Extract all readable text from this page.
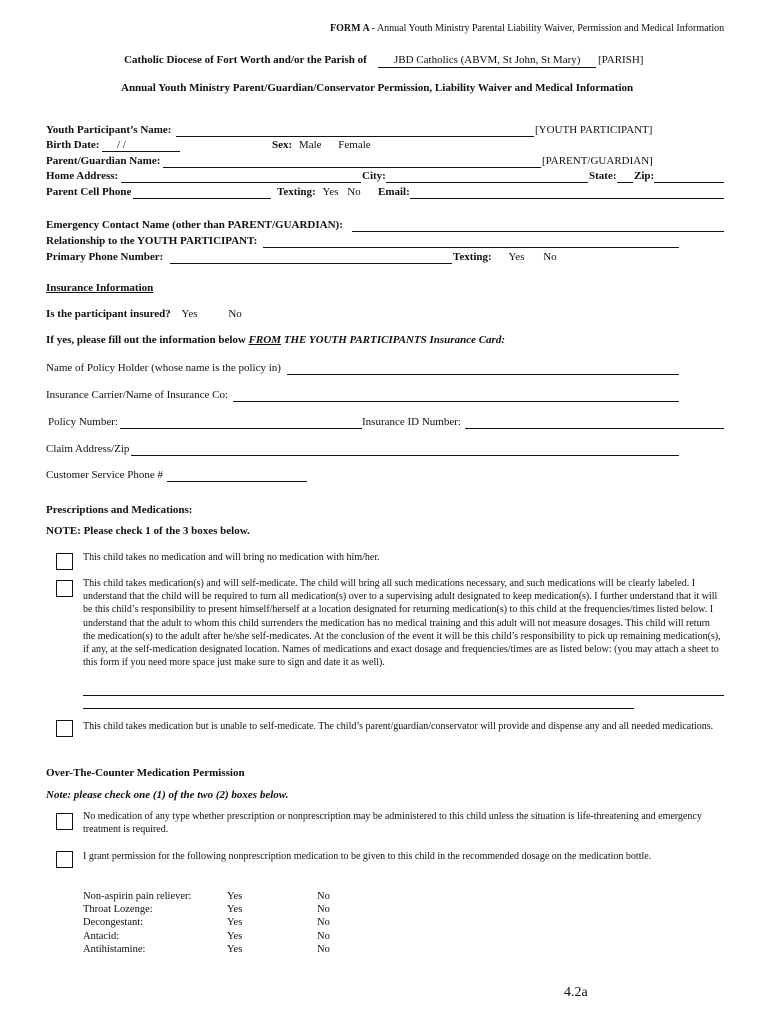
FORM A - Annual Youth Ministry Parental Liability Waiver, Permission and Medical Information
Catholic Diocese of Fort Worth and/or the Parish of JBD Catholics (ABVM, St John, St Mary) [PARISH]
Annual Youth Ministry Parent/Guardian/Conservator Permission, Liability Waiver and Medical Information
Youth Participant’s Name:	[YOUTH PARTICIPANT]
Birth Date: / /	Sex: Male Female
Parent/Guardian Name:	[PARENT/GUARDIAN]
Home Address:	City:	State: Zip:
Parent Cell Phone	Texting: Yes No Email:
Emergency Contact Name (other than PARENT/GUARDIAN):
Relationship to the YOUTH PARTICIPANT:
Primary Phone Number:	Texting: Yes No
Insurance Information
Is the participant insured? Yes	No
If yes, please fill out the information below FROM THE YOUTH PARTICIPANTS Insurance Card:
Name of Policy Holder (whose name is the policy in)
Insurance Carrier/Name of Insurance Co:
Policy Number:	Insurance ID Number:
Claim Address/Zip
Customer Service Phone #
Prescriptions and Medications:
NOTE: Please check 1 of the 3 boxes below.
This child takes no medication and will bring no medication with him/her.
This child takes medication(s) and will self-medicate. The child will bring all such medications necessary, and such medications will be clearly labeled. I understand that the child will be required to turn all medication(s) over to a supervising adult designated to keep medication(s). I further understand that it will be this child’s responsibility to present himself/herself at a location designated for returning medication(s) to this child at the frequencies/times listed below. I understand that the adult to whom this child surrenders the medication has no medical training and this adult will not measure dosages. This child will return the medication(s) to the adult after he/she self-medicates. At the conclusion of the event it will be this child’s responsibility to pick up remaining medication(s), if any, at the self-medication designated location. Names of medications and exact dosage and frequencies/times are as listed below: (you may attach a sheet to this form if you need more space just make sure to sign and date it as well).
This child takes medication but is unable to self-medicate. The child’s parent/guardian/conservator will provide and dispense any and all needed medications.
Over-The-Counter Medication Permission
Note: please check one (1) of the two (2) boxes below.
No medication of any type whether prescription or nonprescription may be administered to this child unless the situation is life-threatening and emergency treatment is required.
I grant permission for the following nonprescription medication to be given to this child in the recommended dosage on the medication bottle.
Non-aspirin pain reliever:	Yes	No
Throat Lozenge:	Yes	No
Decongestant:	Yes	No
Antacid:	Yes	No
Antihistamine:	Yes	No
4.2a
